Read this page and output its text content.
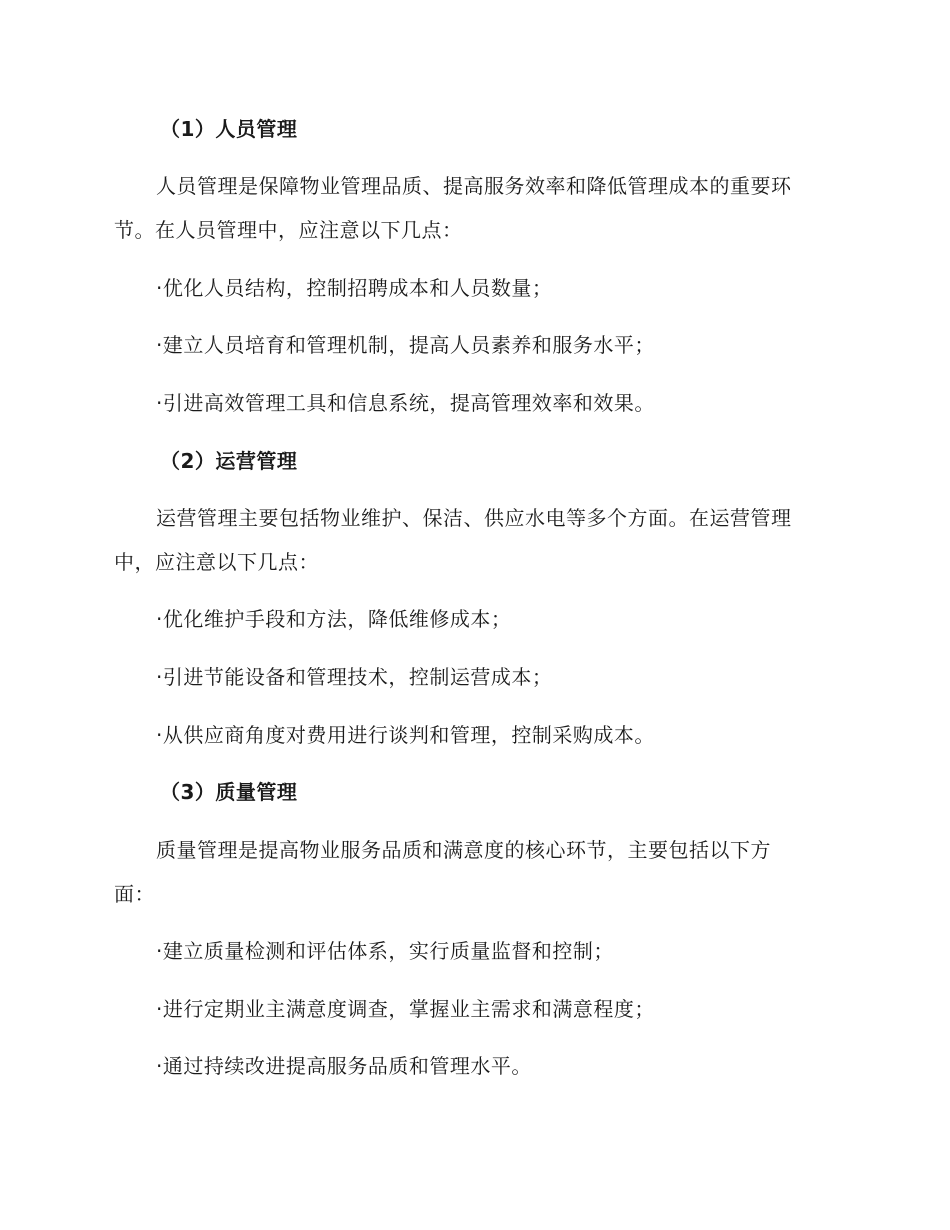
（1）人员管理
人员管理是保障物业管理品质、提高服务效率和降低管理成本的重要环
节。在人员管理中，应注意以下几点：
·优化人员结构，控制招聘成本和人员数量；
·建立人员培育和管理机制，提高人员素养和服务水平；
·引进高效管理工具和信息系统，提高管理效率和效果。
（2）运营管理
运营管理主要包括物业维护、保洁、供应水电等多个方面。在运营管理
中，应注意以下几点：
·优化维护手段和方法，降低维修成本；
·引进节能设备和管理技术，控制运营成本；
·从供应商角度对费用进行谈判和管理，控制采购成本。
（3）质量管理
质量管理是提高物业服务品质和满意度的核心环节，主要包括以下方
面：
·建立质量检测和评估体系，实行质量监督和控制；
·进行定期业主满意度调查，掌握业主需求和满意程度；
·通过持续改进提高服务品质和管理水平。
